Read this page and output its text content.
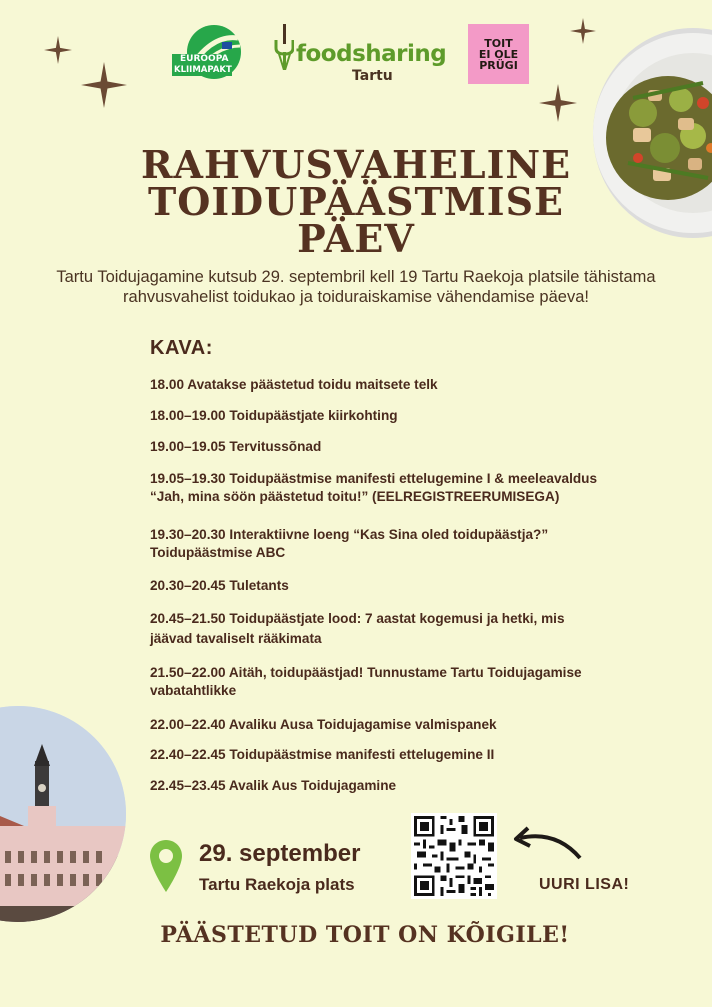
EUROOPA
KLIIMAPAKT
foodsharing
Tartu
TOIT
EI OLE
PRÜGI
RAHVUSVAHELINE
TOIDUPÄÄSTMISE
PÄEV
Tartu Toidujagamine kutsub 29. septembril kell 19 Tartu Raekoja platsile tähistama rahvusvahelist toidukao ja toiduraiskamise vähendamise päeva!
KAVA:
18.00 Avatakse päästetud toidu maitsete telk
18.00–19.00 Toidupäästjate kiirkohting
19.00–19.05 Tervitussõnad
19.05–19.30 Toidupäästmise manifesti ettelugemine I & meeleavaldus
“Jah, mina söön päästetud toitu!” (EELREGISTREERUMISEGA)
19.30–20.30 Interaktiivne loeng “Kas Sina oled toidupäästja?”
Toidupäästmise ABC
20.30–20.45 Tuletants
20.45–21.50 Toidupäästjate lood: 7 aastat kogemusi ja hetki, mis
jäävad tavaliselt rääkimata
21.50–22.00 Aitäh, toidupäästjad! Tunnustame Tartu Toidujagamise
vabatahtlikke
22.00–22.40 Avaliku Ausa Toidujagamise valmispanek
22.40–22.45 Toidupäästmise manifesti ettelugemine II
22.45–23.45 Avalik Aus Toidujagamine
29. september
Tartu Raekoja plats	UURI LISA!
PÄÄSTETUD TOIT ON KÕIGILE!
